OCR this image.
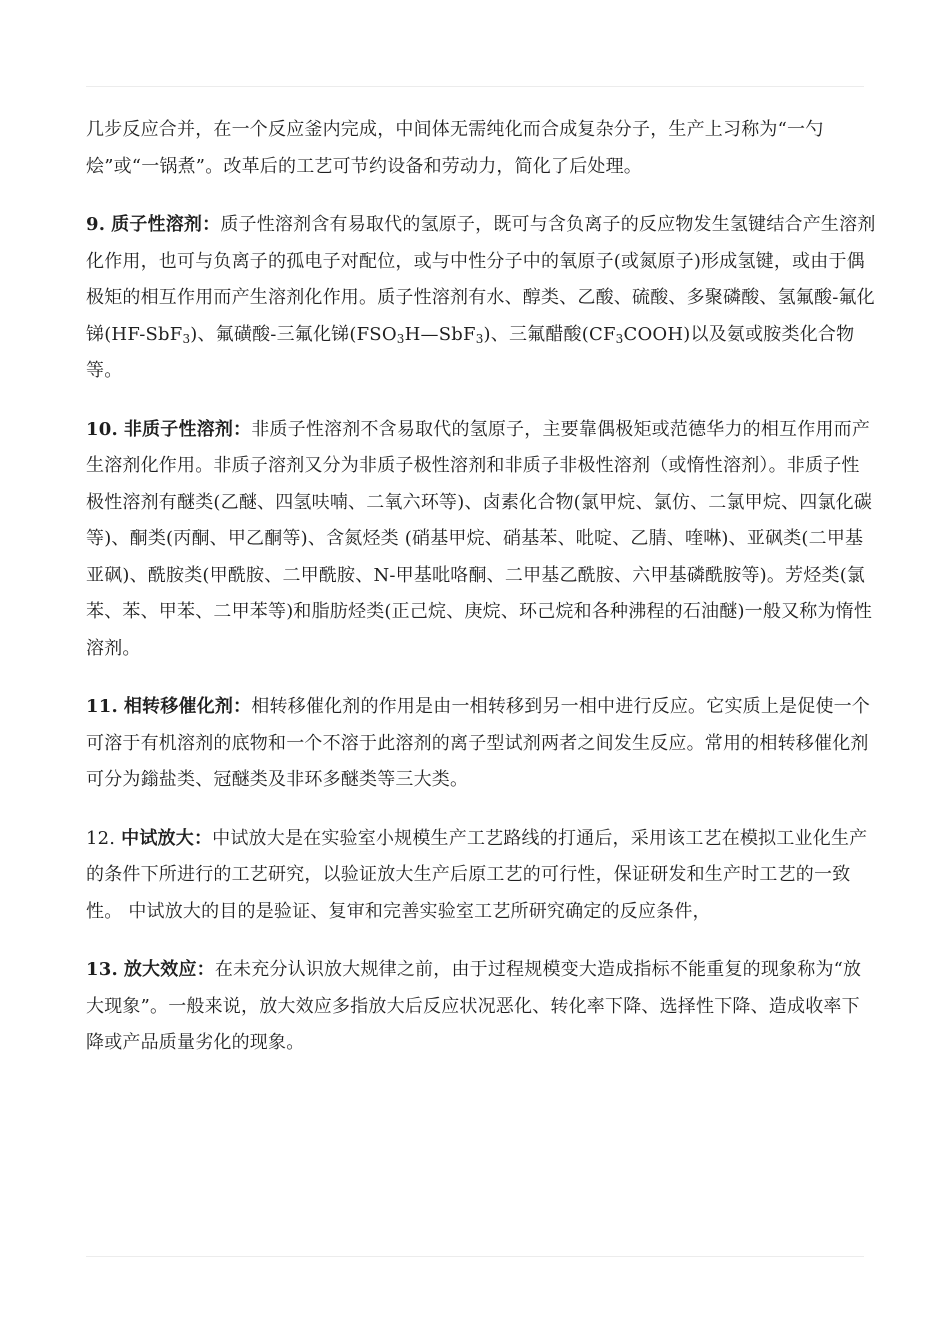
几步反应合并，在一个反应釜内完成，中间体无需纯化而合成复杂分子，生产上习称为“一勺烩”或“一锅煮”。改革后的工艺可节约设备和劳动力，简化了后处理。

9. 质子性溶剂：质子性溶剂含有易取代的氢原子，既可与含负离子的反应物发生氢键结合产生溶剂化作用，也可与负离子的孤电子对配位，或与中性分子中的氧原子(或氮原子)形成氢键，或由于偶极矩的相互作用而产生溶剂化作用。质子性溶剂有水、醇类、乙酸、硫酸、多聚磷酸、氢氟酸-氟化锑(HF-SbF$_3$)、氟磺酸-三氟化锑$(FSO_3H—SbF_3)$、三氟醋酸$(CF_3COOH)$以及氨或胺类化合物等。

10. 非质子性溶剂：非质子性溶剂不含易取代的氢原子，主要靠偶极矩或范德华力的相互作用而产生溶剂化作用。非质子溶剂又分为非质子极性溶剂和非质子非极性溶剂（或惰性溶剂）。非质子性极性溶剂有醚类(乙醚、四氢呋喃、二氧六环等)、卤素化合物(氯甲烷、氯仿、二氯甲烷、四氯化碳等)、酮类(丙酮、甲乙酮等)、含氮烃类 (硝基甲烷、硝基苯、吡啶、乙腈、喹啉)、亚砜类(二甲基亚砜)、酰胺类(甲酰胺、二甲酰胺、N-甲基吡咯酮、二甲基乙酰胺、六甲基磷酰胺等)。芳烃类(氯苯、苯、甲苯、二甲苯等)和脂肪烃类(正己烷、庚烷、环己烷和各种沸程的石油醚)一般又称为惰性溶剂。

11. 相转移催化剂：相转移催化剂的作用是由一相转移到另一相中进行反应。它实质上是促使一个可溶于有机溶剂的底物和一个不溶于此溶剂的离子型试剂两者之间发生反应。常用的相转移催化剂可分为鎓盐类、冠醚类及非环多醚类等三大类。

12. 中试放大：中试放大是在实验室小规模生产工艺路线的打通后，采用该工艺在模拟工业化生产的条件下所进行的工艺研究，以验证放大生产后原工艺的可行性，保证研发和生产时工艺的一致性。 中试放大的目的是验证、复审和完善实验室工艺所研究确定的反应条件，

13. 放大效应：在未充分认识放大规律之前，由于过程规模变大造成指标不能重复的现象称为“放大现象”。一般来说，放大效应多指放大后反应状况恶化、转化率下降、选择性下降、造成收率下降或产品质量劣化的现象。
